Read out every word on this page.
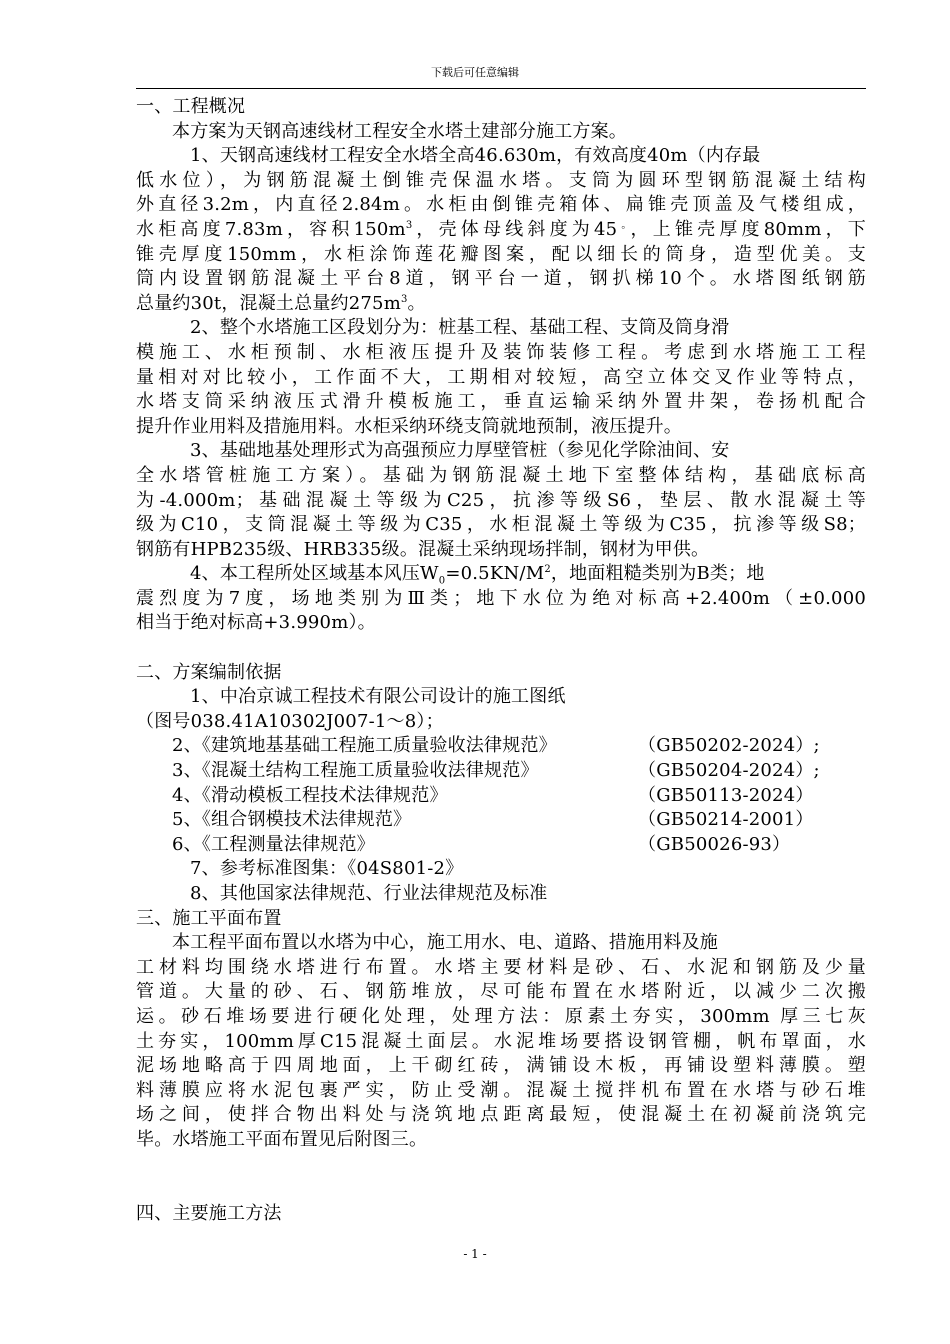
下载后可任意编辑
一、工程概况
本方案为天钢高速线材工程安全水塔土建部分施工方案。
1、天钢高速线材工程安全水塔全高46.630m，有效高度40m（内存最
低水位），为钢筋混凝土倒锥壳保温水塔。支筒为圆环型钢筋混凝土结构
外直径3.2m，内直径2.84m。水柜由倒锥壳箱体、扁锥壳顶盖及气楼组成，
水柜高度7.83m，容积$150m^3$，壳体母线斜度为45。，上锥壳厚度80mm，下
锥壳厚度150mm，水柜涂饰莲花瓣图案，配以细长的筒身，造型优美。支
筒内设置钢筋混凝土平台8道，钢平台一道，钢扒梯10个。水塔图纸钢筋
总量约30t，混凝土总量约$275m^3$。
2、整个水塔施工区段划分为：桩基工程、基础工程、支筒及筒身滑
模施工、水柜预制、水柜液压提升及装饰装修工程。考虑到水塔施工工程
量相对对比较小，工作面不大，工期相对较短，高空立体交叉作业等特点，
水塔支筒采纳液压式滑升模板施工，垂直运输采纳外置井架，卷扬机配合
提升作业用料及措施用料。水柜采纳环绕支筒就地预制，液压提升。
3、基础地基处理形式为高强预应力厚壁管桩（参见化学除油间、安
全水塔管桩施工方案）。基础为钢筋混凝土地下室整体结构，基础底标高
为-4.000m；基础混凝土等级为C25，抗渗等级S6，垫层、散水混凝土等
级为C10，支筒混凝土等级为C35，水柜混凝土等级为C35，抗渗等级S8；
钢筋有HPB235级、HRB335级。混凝土采纳现场拌制，钢材为甲供。
4、本工程所处区域基本风压$W_0=0.5KN/M^2$，地面粗糙类别为B类；地
震烈度为7度，场地类别为Ⅲ类；地下水位为绝对标高+2.400m（±0.000
相当于绝对标高+3.990m）。
二、方案编制依据
1、中冶京诚工程技术有限公司设计的施工图纸
（图号038.41A10302J007-1～8）；
2、《建筑地基基础工程施工质量验收法律规范》	（GB50202-2024）;
3、《混凝土结构工程施工质量验收法律规范》	（GB50204-2024）;
4、《滑动模板工程技术法律规范》	（GB50113-2024）
5、《组合钢模技术法律规范》	（GB50214-2001）
6、《工程测量法律规范》	（GB50026-93）
7、参考标准图集：《04S801-2》
8、其他国家法律规范、行业法律规范及标准
三、施工平面布置
本工程平面布置以水塔为中心，施工用水、电、道路、措施用料及施
工材料均围绕水塔进行布置。水塔主要材料是砂、石、水泥和钢筋及少量
管道。大量的砂、石、钢筋堆放，尽可能布置在水塔附近，以减少二次搬
运。砂石堆场要进行硬化处理，处理方法：原素土夯实，300mm 厚三七灰
土夯实，100mm厚C15混凝土面层。水泥堆场要搭设钢管棚，帆布罩面，水
泥场地略高于四周地面，上干砌红砖，满铺设木板，再铺设塑料薄膜。塑
料薄膜应将水泥包裹严实，防止受潮。混凝土搅拌机布置在水塔与砂石堆
场之间，使拌合物出料处与浇筑地点距离最短，使混凝土在初凝前浇筑完
毕。水塔施工平面布置见后附图三。
四、主要施工方法
- 1 -
